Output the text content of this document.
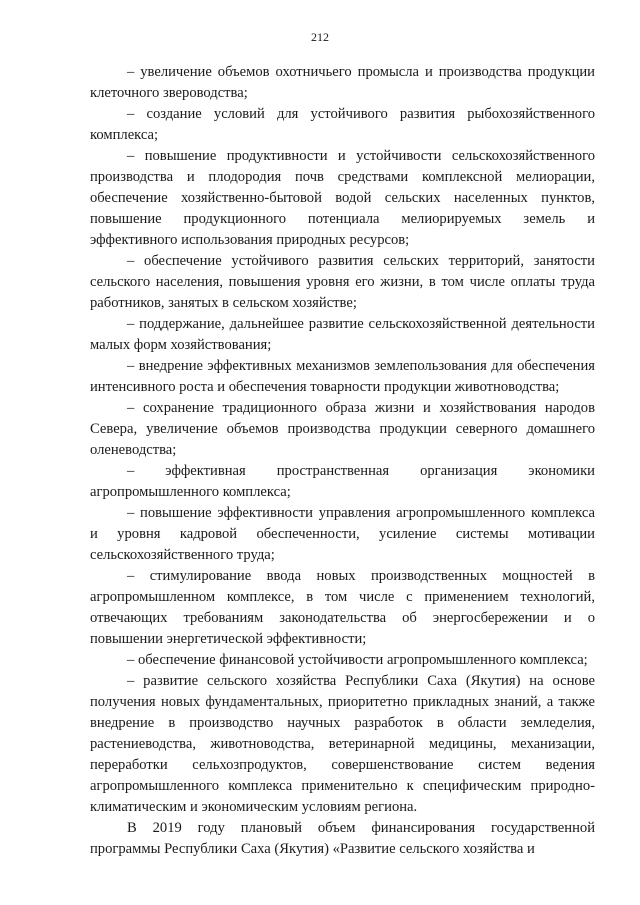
212

– увеличение объемов охотничьего промысла и производства продукции клеточного звероводства;

– создание условий для устойчивого развития рыбохозяйственного комплекса;

– повышение продуктивности и устойчивости сельскохозяйственного производства и плодородия почв средствами комплексной мелиорации, обеспечение хозяйственно-бытовой водой сельских населенных пунктов, повышение продукционного потенциала мелиорируемых земель и эффективного использования природных ресурсов;

– обеспечение устойчивого развития сельских территорий, занятости сельского населения, повышения уровня его жизни, в том числе оплаты труда работников, занятых в сельском хозяйстве;

– поддержание, дальнейшее развитие сельскохозяйственной деятельности малых форм хозяйствования;

– внедрение эффективных механизмов землепользования для обеспечения интенсивного роста и обеспечения товарности продукции животноводства;

– сохранение традиционного образа жизни и хозяйствования народов Севера, увеличение объемов производства продукции северного домашнего оленеводства;

– эффективная пространственная организация экономики агропромышленного комплекса;

– повышение эффективности управления агропромышленного комплекса и уровня кадровой обеспеченности, усиление системы мотивации сельскохозяйственного труда;

– стимулирование ввода новых производственных мощностей в агропромышленном комплексе, в том числе с применением технологий, отвечающих требованиям законодательства об энергосбережении и о повышении энергетической эффективности;

– обеспечение финансовой устойчивости агропромышленного комплекса;

– развитие сельского хозяйства Республики Саха (Якутия) на основе получения новых фундаментальных, приоритетно прикладных знаний, а также внедрение в производство научных разработок в области земледелия, растениеводства, животноводства, ветеринарной медицины, механизации, переработки сельхозпродуктов, совершенствование систем ведения агропромышленного комплекса применительно к специфическим природно-климатическим и экономическим условиям региона.

В 2019 году плановый объем финансирования государственной программы Республики Саха (Якутия) «Развитие сельского хозяйства и
